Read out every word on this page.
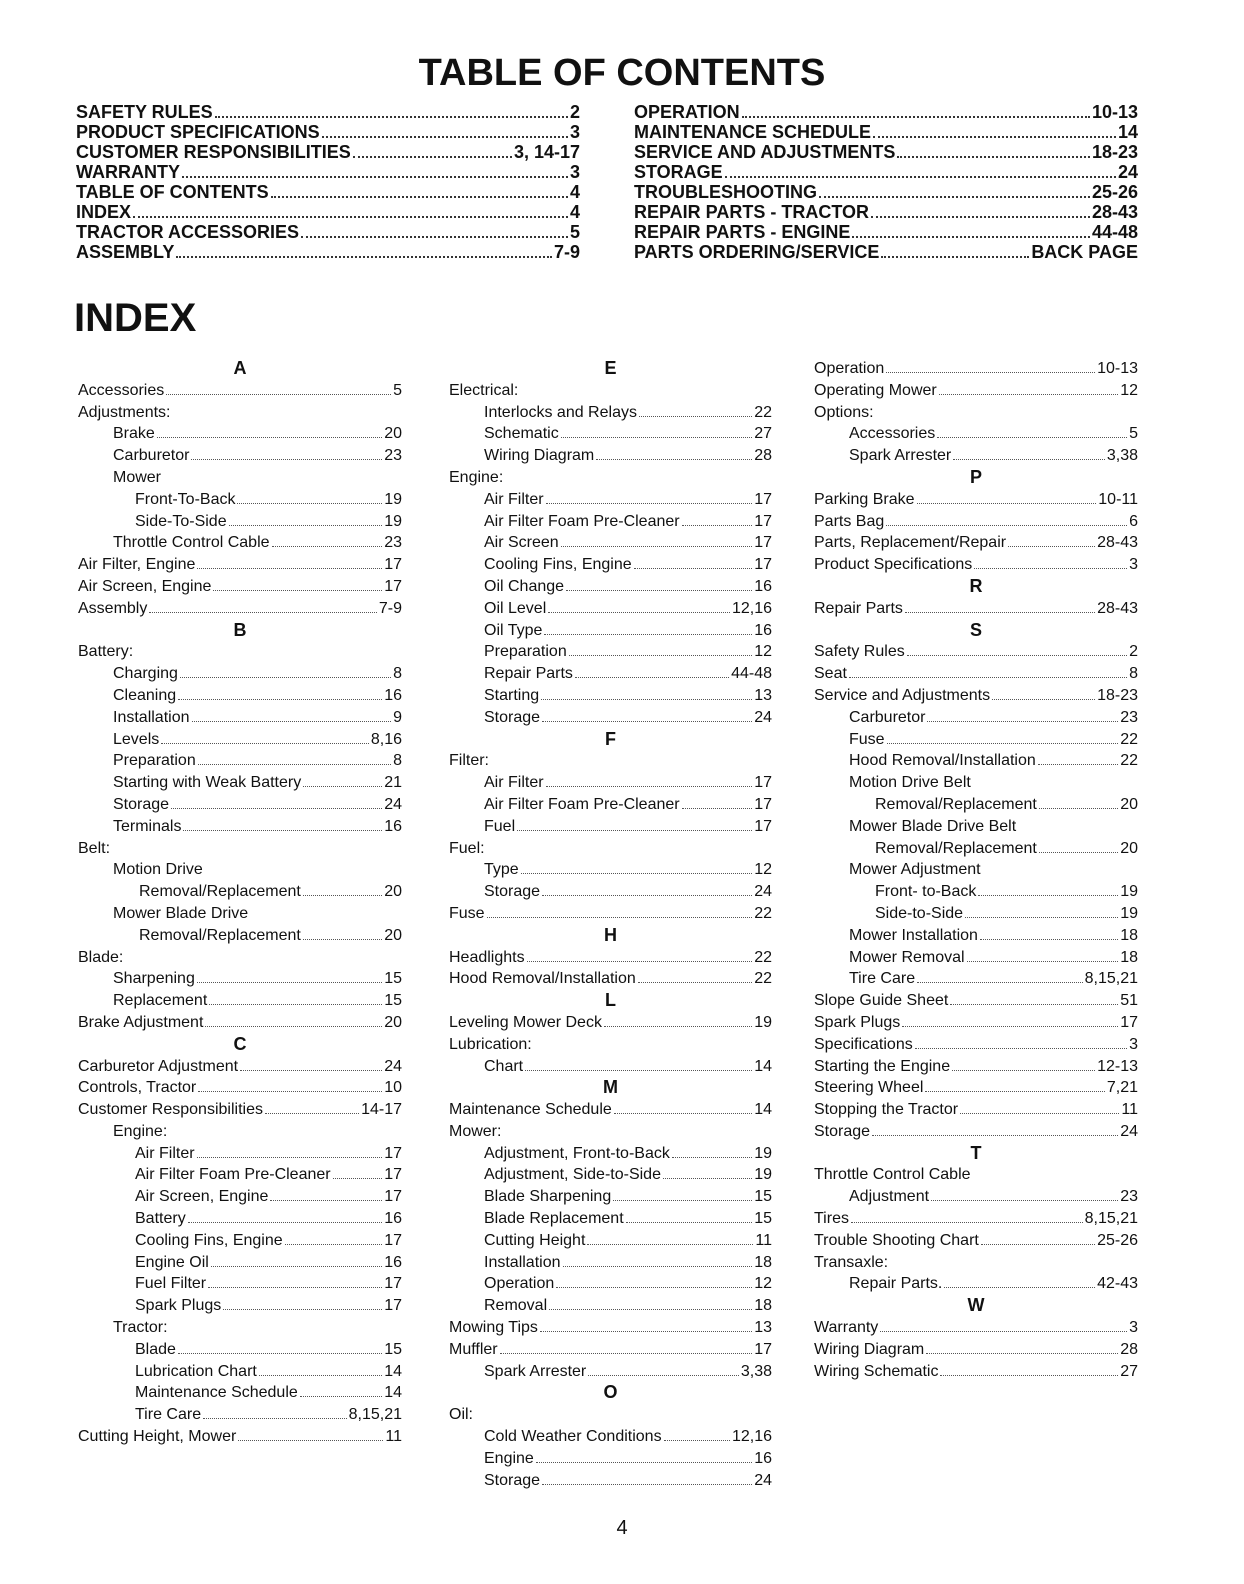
TABLE OF CONTENTS
SAFETY RULES	2
PRODUCT SPECIFICATIONS	3
CUSTOMER RESPONSIBILITIES	3, 14-17
WARRANTY	3
TABLE OF CONTENTS	4
INDEX	4
TRACTOR ACCESSORIES	5
ASSEMBLY	7-9
OPERATION	10-13
MAINTENANCE SCHEDULE	14
SERVICE AND ADJUSTMENTS	18-23
STORAGE	24
TROUBLESHOOTING	25-26
REPAIR PARTS - TRACTOR	28-43
REPAIR PARTS - ENGINE	44-48
PARTS ORDERING/SERVICE	BACK PAGE
INDEX
A
Accessories	5
Adjustments:
Brake	20
Carburetor	23
Mower
Front-To-Back	19
Side-To-Side	19
Throttle Control Cable	23
Air Filter, Engine	17
Air Screen, Engine	17
Assembly	7-9
B
Battery:
Charging	8
Cleaning	16
Installation	9
Levels	8,16
Preparation	8
Starting with Weak Battery	21
Storage	24
Terminals	16
Belt:
Motion Drive
Removal/Replacement	20
Mower Blade Drive
Removal/Replacement	20
Blade:
Sharpening	15
Replacement	15
Brake Adjustment	20
C
Carburetor Adjustment	24
Controls, Tractor	10
Customer Responsibilities	14-17
Engine:
Air Filter	17
Air Filter Foam Pre-Cleaner	17
Air Screen, Engine	17
Battery	16
Cooling Fins, Engine	17
Engine Oil	16
Fuel Filter	17
Spark Plugs	17
Tractor:
Blade	15
Lubrication Chart	14
Maintenance Schedule	14
Tire Care	8,15,21
Cutting Height, Mower	11
E
Electrical:
Interlocks and Relays	22
Schematic	27
Wiring Diagram	28
Engine:
Air Filter	17
Air Filter Foam Pre-Cleaner	17
Air Screen	17
Cooling Fins, Engine	17
Oil Change	16
Oil Level	12,16
Oil Type	16
Preparation	12
Repair Parts	44-48
Starting	13
Storage	24
F
Filter:
Air Filter	17
Air Filter Foam Pre-Cleaner	17
Fuel	17
Fuel:
Type	12
Storage	24
Fuse	22
H
Headlights	22
Hood Removal/Installation	22
L
Leveling Mower Deck	19
Lubrication:
Chart	14
M
Maintenance Schedule	14
Mower:
Adjustment, Front-to-Back	19
Adjustment, Side-to-Side	19
Blade Sharpening	15
Blade Replacement	15
Cutting Height	11
Installation	18
Operation	12
Removal	18
Mowing Tips	13
Muffler	17
Spark Arrester	3,38
O
Oil:
Cold Weather Conditions	12,16
Engine	16
Storage	24
Operation	10-13
Operating Mower	12
Options:
Accessories	5
Spark Arrester	3,38
P
Parking Brake	10-11
Parts Bag	6
Parts, Replacement/Repair	28-43
Product Specifications	3
R
Repair Parts	28-43
S
Safety Rules	2
Seat	8
Service and Adjustments	18-23
Carburetor	23
Fuse	22
Hood Removal/Installation	22
Motion Drive Belt
Removal/Replacement	20
Mower Blade Drive Belt
Removal/Replacement	20
Mower Adjustment
Front- to-Back	19
Side-to-Side	19
Mower Installation	18
Mower Removal	18
Tire Care	8,15,21
Slope Guide Sheet	51
Spark Plugs	17
Specifications	3
Starting the Engine	12-13
Steering Wheel	7,21
Stopping the Tractor	11
Storage	24
T
Throttle Control Cable
Adjustment	23
Tires	8,15,21
Trouble Shooting Chart	25-26
Transaxle:
Repair Parts.	42-43
W
Warranty	3
Wiring Diagram	28
Wiring Schematic	27
4
